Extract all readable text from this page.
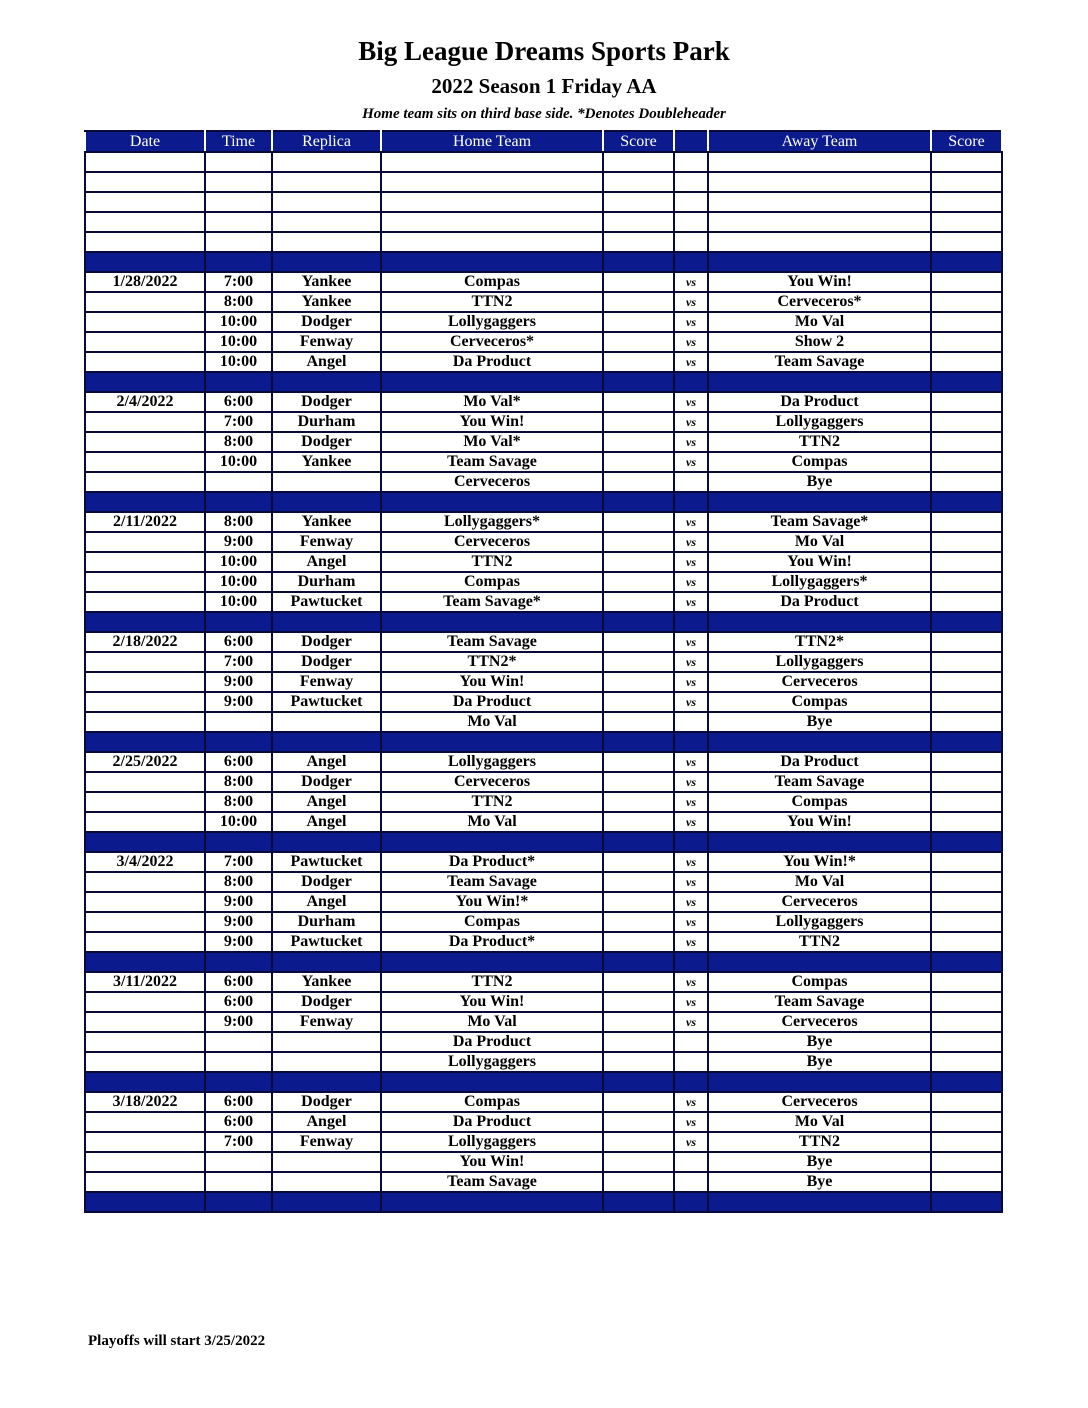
Big League Dreams Sports Park
2022 Season 1 Friday AA
Home team sits on third base side. *Denotes Doubleheader
Date	Time	Replica	Home Team	Score		Away Team	Score

1/28/2022	7:00	Yankee	Compas		vs	You Win!	
	8:00	Yankee	TTN2		vs	Cerveceros*	
	10:00	Dodger	Lollygaggers		vs	Mo Val	
	10:00	Fenway	Cerveceros*		vs	Show 2	
	10:00	Angel	Da Product		vs	Team Savage	

2/4/2022	6:00	Dodger	Mo Val*		vs	Da Product	
	7:00	Durham	You Win!		vs	Lollygaggers	
	8:00	Dodger	Mo Val*		vs	TTN2	
	10:00	Yankee	Team Savage		vs	Compas	
			Cerveceros			Bye	

2/11/2022	8:00	Yankee	Lollygaggers*		vs	Team Savage*	
	9:00	Fenway	Cerveceros		vs	Mo Val	
	10:00	Angel	TTN2		vs	You Win!	
	10:00	Durham	Compas		vs	Lollygaggers*	
	10:00	Pawtucket	Team Savage*		vs	Da Product	

2/18/2022	6:00	Dodger	Team Savage		vs	TTN2*	
	7:00	Dodger	TTN2*		vs	Lollygaggers	
	9:00	Fenway	You Win!		vs	Cerveceros	
	9:00	Pawtucket	Da Product		vs	Compas	
			Mo Val			Bye	

2/25/2022	6:00	Angel	Lollygaggers		vs	Da Product	
	8:00	Dodger	Cerveceros		vs	Team Savage	
	8:00	Angel	TTN2		vs	Compas	
	10:00	Angel	Mo Val		vs	You Win!	

3/4/2022	7:00	Pawtucket	Da Product*		vs	You Win!*	
	8:00	Dodger	Team Savage		vs	Mo Val	
	9:00	Angel	You Win!*		vs	Cerveceros	
	9:00	Durham	Compas		vs	Lollygaggers	
	9:00	Pawtucket	Da Product*		vs	TTN2	

3/11/2022	6:00	Yankee	TTN2		vs	Compas	
	6:00	Dodger	You Win!		vs	Team Savage	
	9:00	Fenway	Mo Val		vs	Cerveceros	
			Da Product			Bye	
			Lollygaggers			Bye	

3/18/2022	6:00	Dodger	Compas		vs	Cerveceros	
	6:00	Angel	Da Product		vs	Mo Val	
	7:00	Fenway	Lollygaggers		vs	TTN2	
			You Win!			Bye	
			Team Savage			Bye	

Playoffs will start 3/25/2022
